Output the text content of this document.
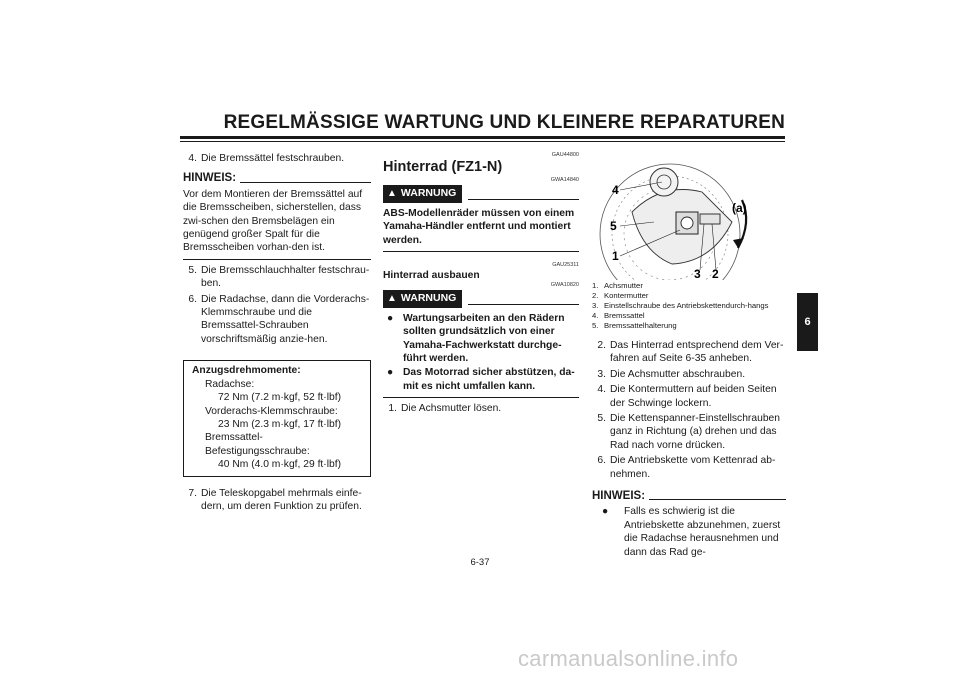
REGELMÄSSIGE WARTUNG UND KLEINERE REPARATUREN
4. Die Bremssättel festschrauben.
HINWEIS:
Vor dem Montieren der Bremssättel auf die Bremsscheiben, sicherstellen, dass zwi-schen den Bremsbelägen ein genügend großer Spalt für die Bremsscheiben vorhan-den ist.
5. Die Bremsschlauchhalter festschrau-ben.
6. Die Radachse, dann die Vorderachs-Klemmschraube und die Bremssattel-Schrauben vorschriftsmäßig anzie-hen.
Anzugsdrehmomente:
Radachse:
72 Nm (7.2 m·kgf, 52 ft·lbf)
Vorderachs-Klemmschraube:
23 Nm (2.3 m·kgf, 17 ft·lbf)
Bremssattel-Befestigungsschraube:
40 Nm (4.0 m·kgf, 29 ft·lbf)
7. Die Teleskopgabel mehrmals einfe-dern, um deren Funktion zu prüfen.
GAU44800
Hinterrad (FZ1-N)
GWA14840
▲ WARNUNG
ABS-Modellenräder müssen von einem Yamaha-Händler entfernt und montiert werden.
GAU25311
Hinterrad ausbauen
GWA10820
▲ WARNUNG
● Wartungsarbeiten an den Rädern sollten grundsätzlich von einer Yamaha-Fachwerkstatt durchge-führt werden.
● Das Motorrad sicher abstützen, da-mit es nicht umfallen kann.
1. Die Achsmutter lösen.
4
5
1
3 2
(a)
1. Achsmutter
2. Kontermutter
3. Einstellschraube des Antriebskettendurch-hangs
4. Bremssattel
5. Bremssattelhalterung
2. Das Hinterrad entsprechend dem Ver-fahren auf Seite 6-35 anheben.
3. Die Achsmutter abschrauben.
4. Die Kontermuttern auf beiden Seiten der Schwinge lockern.
5. Die Kettenspanner-Einstellschrauben ganz in Richtung (a) drehen und das Rad nach vorne drücken.
6. Die Antriebskette vom Kettenrad ab-nehmen.
HINWEIS:
●	Falls es schwierig ist die Antriebskette abzunehmen, zuerst die Radachse herausnehmen und dann das Rad ge-
6
6-37
carmanualsonline.info
